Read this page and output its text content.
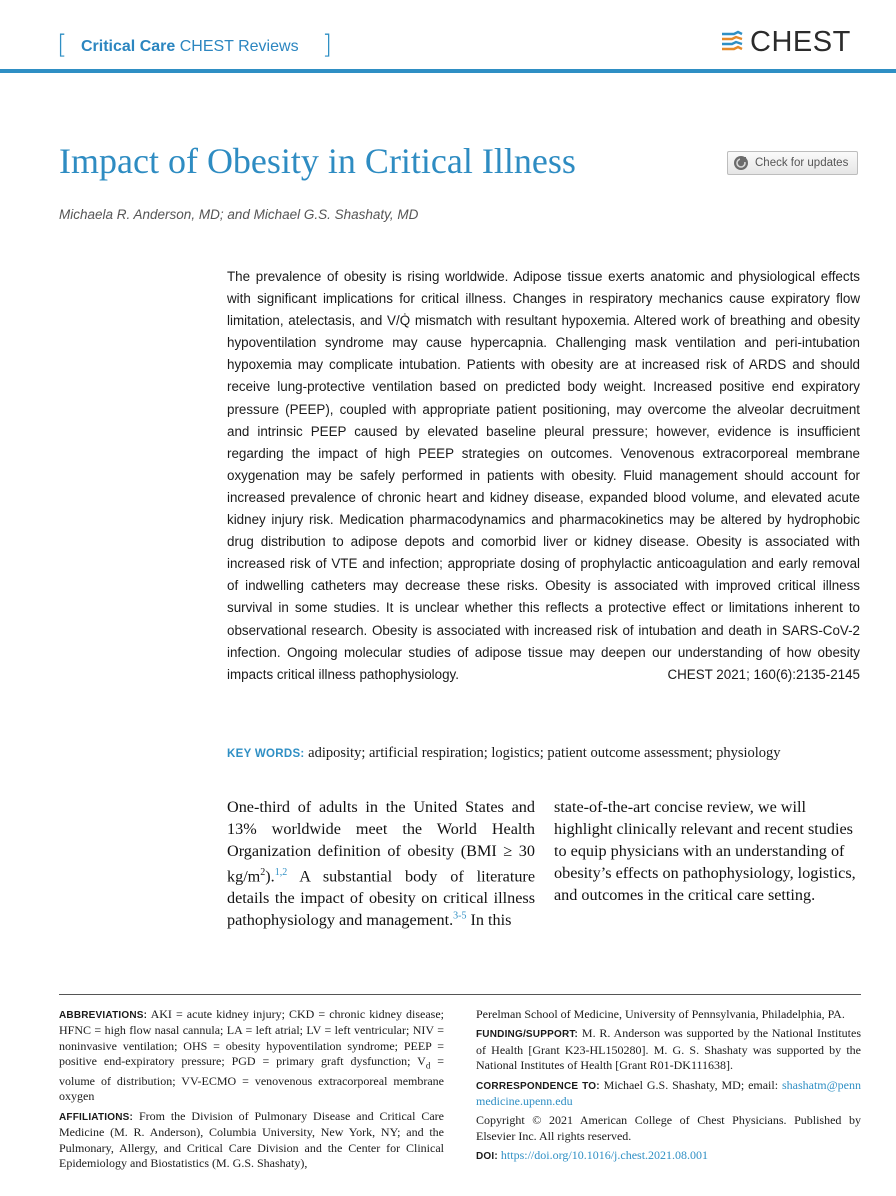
[ Critical Care CHEST Reviews ]	CHEST
Impact of Obesity in Critical Illness	Check for updates
Michaela R. Anderson, MD; and Michael G.S. Shashaty, MD

The prevalence of obesity is rising worldwide. Adipose tissue exerts anatomic and physiological effects with significant implications for critical illness. Changes in respiratory mechanics cause expiratory flow limitation, atelectasis, and V/Q̇ mismatch with resultant hypoxemia. Altered work of breathing and obesity hypoventilation syndrome may cause hypercapnia. Challenging mask ventilation and peri-intubation hypoxemia may complicate intubation. Patients with obesity are at increased risk of ARDS and should receive lung-protective ventilation based on predicted body weight. Increased positive end expiratory pressure (PEEP), coupled with appropriate patient positioning, may overcome the alveolar decruitment and intrinsic PEEP caused by elevated baseline pleural pressure; however, evidence is insufficient regarding the impact of high PEEP strategies on outcomes. Venovenous extracorporeal membrane oxygenation may be safely performed in patients with obesity. Fluid management should account for increased prevalence of chronic heart and kidney disease, expanded blood volume, and elevated acute kidney injury risk. Medication pharmacodynamics and pharmacokinetics may be altered by hydrophobic drug distribution to adipose depots and comorbid liver or kidney disease. Obesity is associated with increased risk of VTE and infection; appropriate dosing of prophylactic anticoagulation and early removal of indwelling catheters may decrease these risks. Obesity is associated with improved critical illness survival in some studies. It is unclear whether this reflects a protective effect or limitations inherent to observational research. Obesity is associated with increased risk of intubation and death in SARS-CoV-2 infection. Ongoing molecular studies of adipose tissue may deepen our understanding of how obesity impacts critical illness pathophysiology.	CHEST 2021; 160(6):2135-2145

KEY WORDS: adiposity; artificial respiration; logistics; patient outcome assessment; physiology

One-third of adults in the United States and 13% worldwide meet the World Health Organization definition of obesity (BMI ≥ 30 $kg/m^2).^{1,2}$ A substantial body of literature details the impact of obesity on critical illness pathophysiology and management.$^{3-5}$ In this

state-of-the-art concise review, we will highlight clinically relevant and recent studies to equip physicians with an understanding of obesity’s effects on pathophysiology, logistics, and outcomes in the critical care setting.

ABBREVIATIONS: AKI = acute kidney injury; CKD = chronic kidney disease; HFNC = high flow nasal cannula; LA = left atrial; LV = left ventricular; NIV = noninvasive ventilation; OHS = obesity hypoventilation syndrome; PEEP = positive end-expiratory pressure; PGD = primary graft dysfunction; $V_d$ = volume of distribution; VV-ECMO = venovenous extracorporeal membrane oxygen

AFFILIATIONS: From the Division of Pulmonary Disease and Critical Care Medicine (M. R. Anderson), Columbia University, New York, NY; and the Pulmonary, Allergy, and Critical Care Division and the Center for Clinical Epidemiology and Biostatistics (M. G.S. Shashaty),

Perelman School of Medicine, University of Pennsylvania, Philadelphia, PA.

FUNDING/SUPPORT: M. R. Anderson was supported by the National Institutes of Health [Grant K23-HL150280]. M. G. S. Shashaty was supported by the National Institutes of Health [Grant R01-DK111638].

CORRESPONDENCE TO: Michael G.S. Shashaty, MD; email: shashatm@pennmedicine.upenn.edu

Copyright © 2021 American College of Chest Physicians. Published by Elsevier Inc. All rights reserved.

DOI: https://doi.org/10.1016/j.chest.2021.08.001
